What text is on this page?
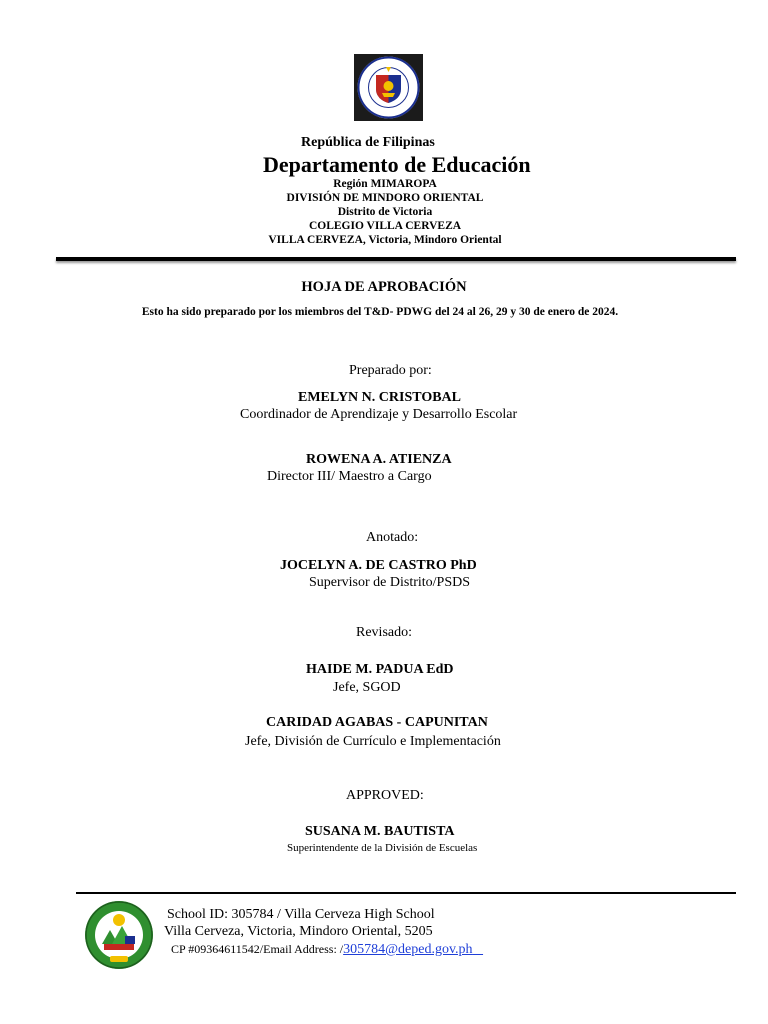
República de Filipinas
Departamento de Educación
Región MIMAROPA
DIVISIÓN DE MINDORO ORIENTAL
Distrito de Victoria
COLEGIO VILLA CERVEZA
VILLA CERVEZA, Victoria, Mindoro Oriental
HOJA DE APROBACIÓN
Esto ha sido preparado por los miembros del T&D- PDWG del 24 al 26, 29 y 30 de enero de 2024.
Preparado por:
EMELYN N. CRISTOBAL
Coordinador de Aprendizaje y Desarrollo Escolar
ROWENA A. ATIENZA
Director III/ Maestro a Cargo
Anotado:
JOCELYN A. DE CASTRO PhD
Supervisor de Distrito/PSDS
Revisado:
HAIDE M. PADUA EdD
Jefe, SGOD
CARIDAD AGABAS - CAPUNITAN
Jefe, División de Currículo e Implementación
APPROVED:
SUSANA M. BAUTISTA
Superintendente de la División de Escuelas
School ID: 305784 / Villa Cerveza High School
Villa Cerveza, Victoria, Mindoro Oriental, 5205
CP #09364611542/Email Address: /305784@deped.gov.ph
